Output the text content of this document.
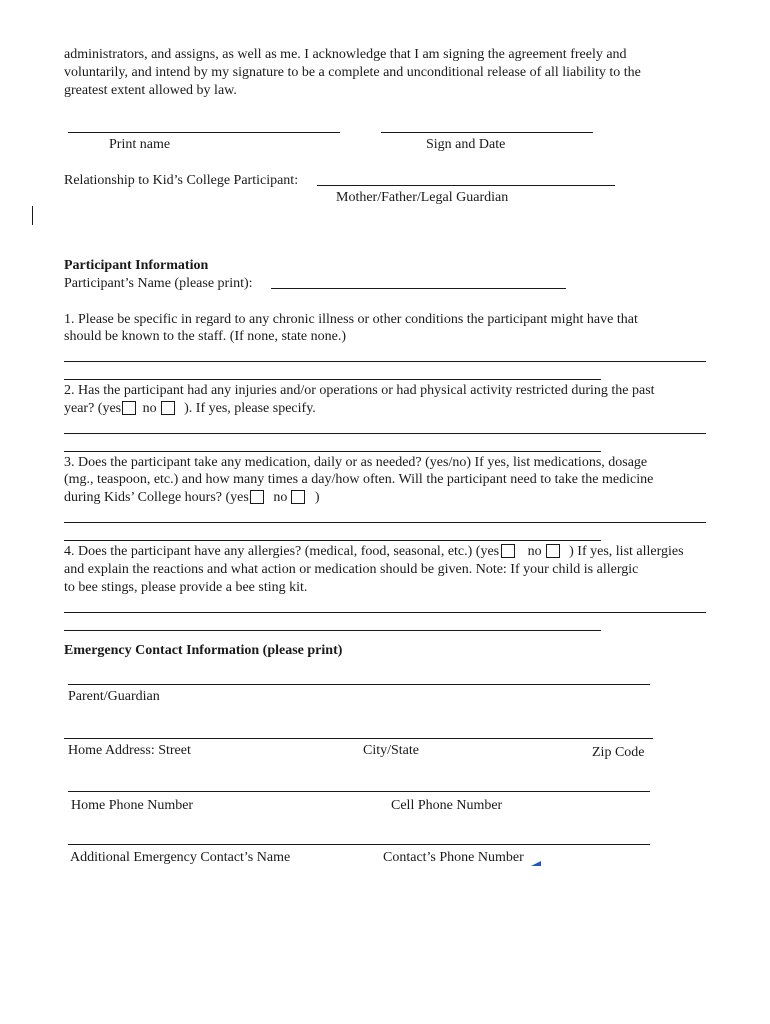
administrators, and assigns, as well as me. I acknowledge that I am signing the agreement freely and
voluntarily, and intend by my signature to be a complete and unconditional release of all liability to the
greatest extent allowed by law.
Print name	Sign and Date
Relationship to Kid’s College Participant:
Mother/Father/Legal Guardian
Participant Information
Participant’s Name (please print):
1. Please be specific in regard to any chronic illness or other conditions the participant might have that
should be known to the staff. (If none, state none.)
2. Has the participant had any injuries and/or operations or had physical activity restricted during the past
year? (yes no ). If yes, please specify.
3. Does the participant take any medication, daily or as needed? (yes/no) If yes, list medications, dosage
(mg., teaspoon, etc.) and how many times a day/how often. Will the participant need to take the medicine
during Kids’ College hours? (yes no )
4. Does the participant have any allergies? (medical, food, seasonal, etc.) (yes no ) If yes, list allergies
and explain the reactions and what action or medication should be given. Note: If your child is allergic
to bee stings, please provide a bee sting kit.
Emergency Contact Information (please print)
Parent/Guardian
Home Address: Street	City/State	Zip Code
Home Phone Number	Cell Phone Number
Additional Emergency Contact’s Name	Contact’s Phone Number
